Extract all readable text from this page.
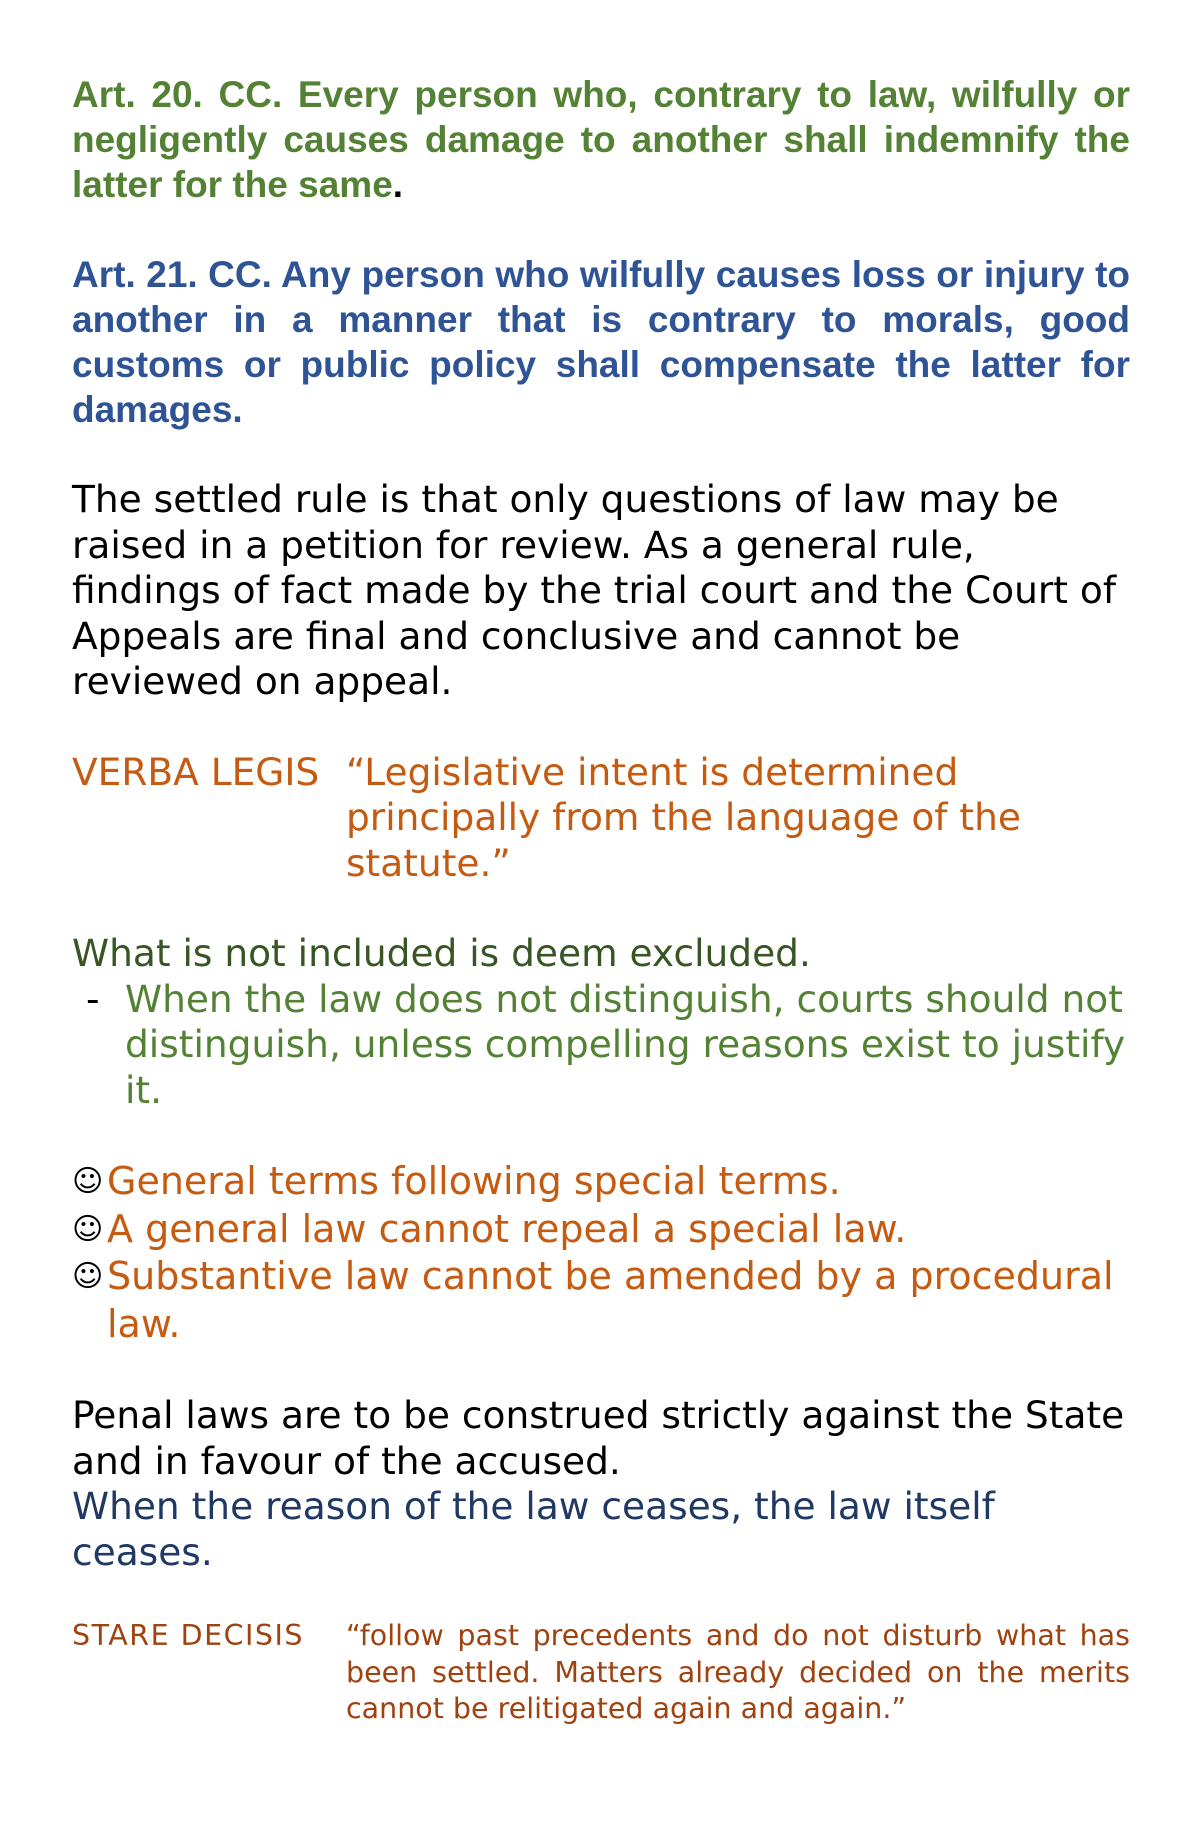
Art. 20. CC. Every person who, contrary to law, wilfully or negligently causes damage to another shall indemnify the latter for the same.

Art. 21. CC. Any person who wilfully causes loss or injury to another in a manner that is contrary to morals, good customs or public policy shall compensate the latter for damages.

The settled rule is that only questions of law may be raised in a petition for review. As a general rule, findings of fact made by the trial court and the Court of Appeals are final and conclusive and cannot be reviewed on appeal.

VERBA LEGIS “Legislative intent is determined principally from the language of the statute.”

What is not included is deem excluded.

- When the law does not distinguish, courts should not distinguish, unless compelling reasons exist to justify it.
☺ General terms following special terms.
☺ A general law cannot repeal a special law.
☺ Substantive law cannot be amended by a procedural law.

Penal laws are to be construed strictly against the State and in favour of the accused.

When the reason of the law ceases, the law itself ceases.

STARE DECISIS “follow past precedents and do not disturb what has been settled. Matters already decided on the merits cannot be relitigated again and again.”
